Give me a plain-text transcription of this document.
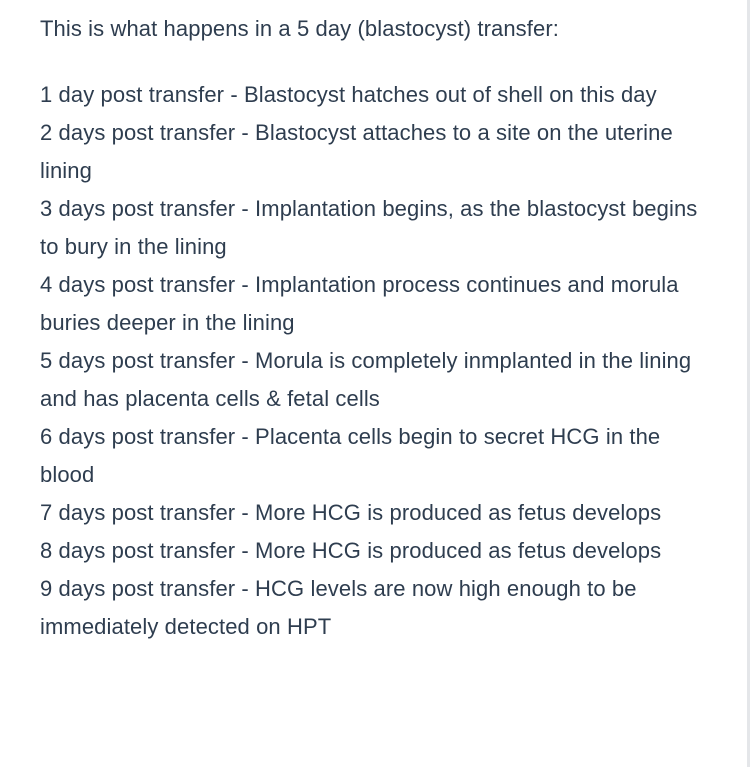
This is what happens in a 5 day (blastocyst) transfer:

1 day post transfer - Blastocyst hatches out of shell on this day
2 days post transfer - Blastocyst attaches to a site on the uterine lining
3 days post transfer - Implantation begins, as the blastocyst begins to bury in the lining
4 days post transfer - Implantation process continues and morula buries deeper in the lining
5 days post transfer - Morula is completely inmplanted in the lining and has placenta cells & fetal cells
6 days post transfer - Placenta cells begin to secret HCG in the blood
7 days post transfer - More HCG is produced as fetus develops
8 days post transfer - More HCG is produced as fetus develops
9 days post transfer - HCG levels are now high enough to be immediately detected on HPT
